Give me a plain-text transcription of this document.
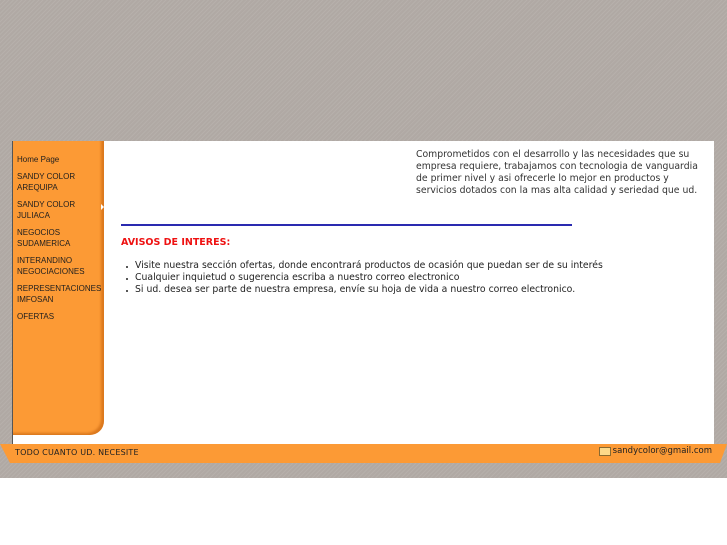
Home Page
SANDY COLOR AREQUIPA
SANDY COLOR JULIACA
NEGOCIOS SUDAMERICA
INTERANDINO NEGOCIACIONES
REPRESENTACIONES IMFOSAN
OFERTAS

Comprometidos con el desarrollo y las necesidades que su empresa requiere, trabajamos con tecnologia de vanguardia de primer nivel y asi ofrecerle lo mejor en productos y servicios dotados con la mas alta calidad y seriedad que ud.

AVISOS DE INTERES:
Visite nuestra sección ofertas, donde encontrará productos de ocasión que puedan ser de su interés
Cualquier inquietud o sugerencia escriba a nuestro correo electronico
Si ud. desea ser parte de nuestra empresa, envíe su hoja de vida a nuestro correo electronico.
TODO CUANTO UD. NECESITE	sandycolor@gmail.com
